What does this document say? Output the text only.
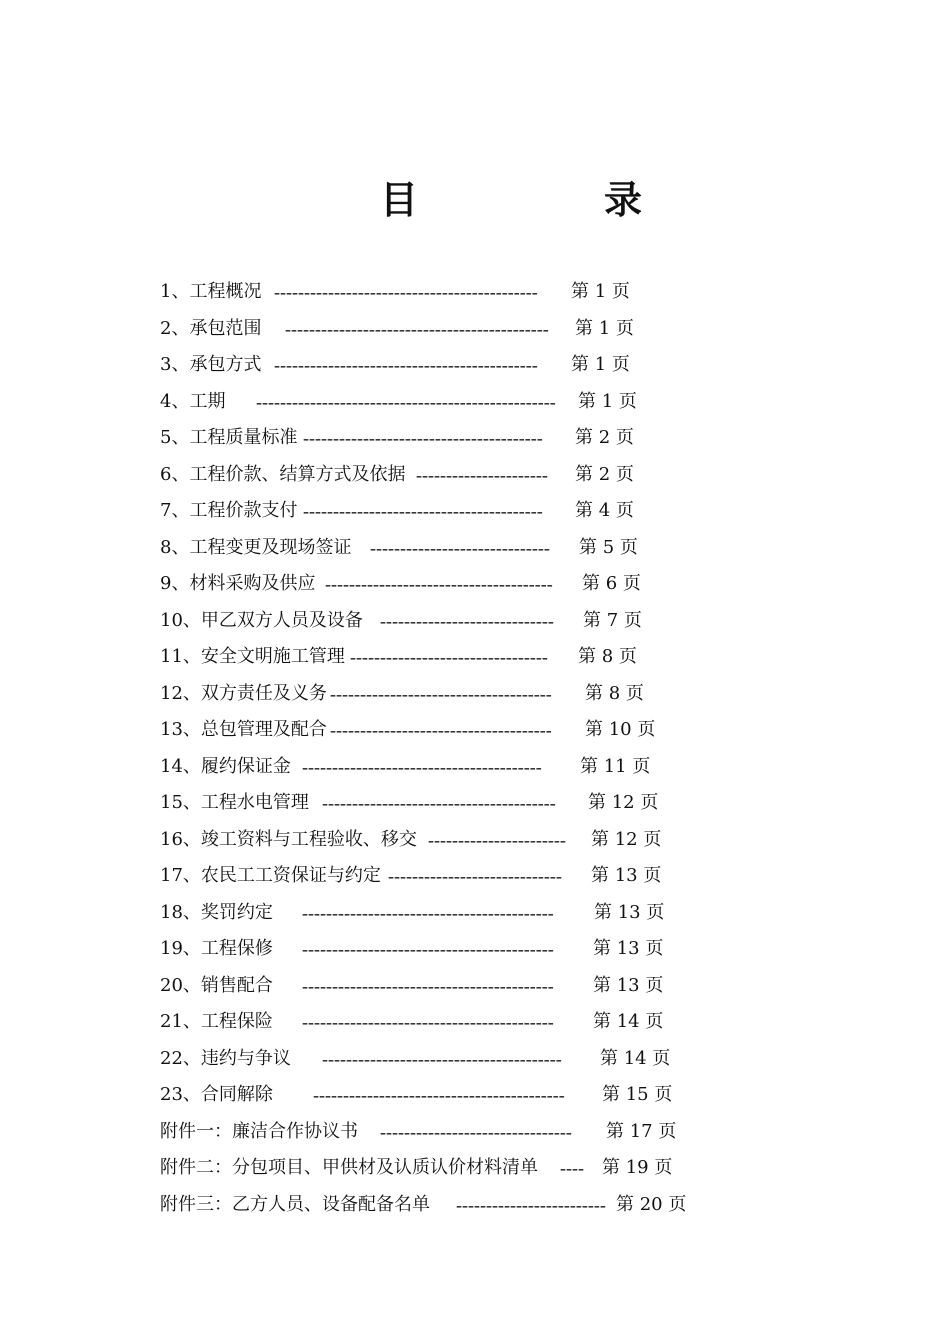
目	录
1、工程概况 --------------------------------------------	第 1 页
2、承包范围 --------------------------------------------	第 1 页
3、承包方式 --------------------------------------------	第 1 页
4、工期 --------------------------------------------------	第 1 页
5、工程质量标准 ----------------------------------------	第 2 页
6、工程价款、结算方式及依据 ----------------------	第 2 页
7、工程价款支付 ----------------------------------------	第 4 页
8、工程变更及现场签证 ------------------------------	第 5 页
9、材料采购及供应 --------------------------------------	第 6 页
10、甲乙双方人员及设备 -----------------------------	第 7 页
11、安全文明施工管理 ---------------------------------	第 8 页
12、双方责任及义务 -------------------------------------	第 8 页
13、总包管理及配合 -------------------------------------	第 10 页
14、履约保证金 ----------------------------------------	第 11 页
15、工程水电管理 ---------------------------------------	第 12 页
16、竣工资料与工程验收、移交 -----------------------	第 12 页
17、农民工工资保证与约定 -----------------------------	第 13 页
18、奖罚约定 ------------------------------------------	第 13 页
19、工程保修 ------------------------------------------	第 13 页
20、销售配合 ------------------------------------------	第 13 页
21、工程保险 ------------------------------------------	第 14 页
22、违约与争议 ----------------------------------------	第 14 页
23、合同解除 ------------------------------------------	第 15 页
附件一：廉洁合作协议书 --------------------------------	第 17 页
附件二：分包项目、甲供材及认质认价材料清单 ---- 第 19 页
附件三：乙方人员、设备配备名单 ------------------------- 第 20 页
